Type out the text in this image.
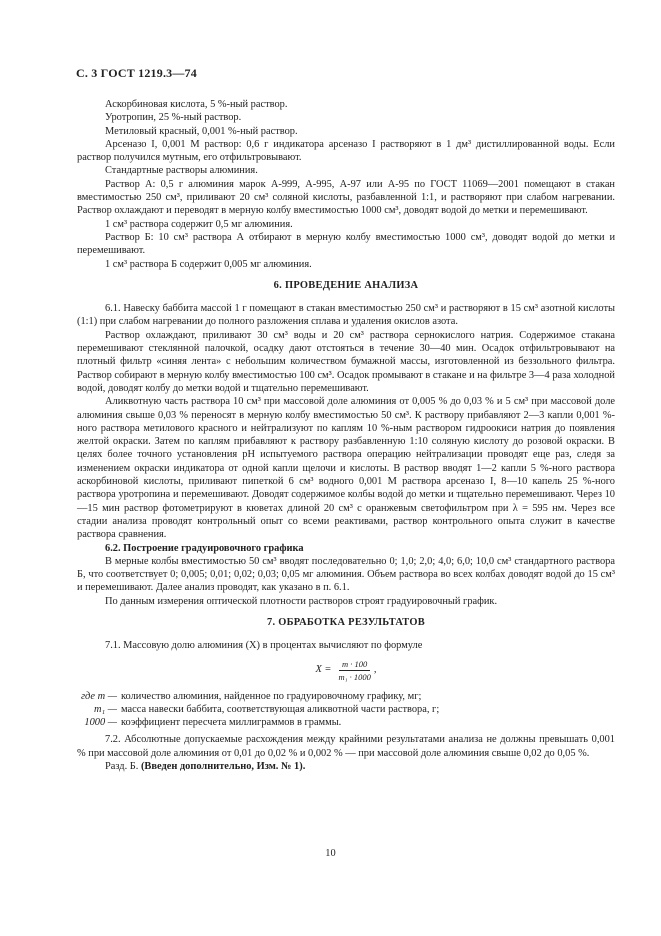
С. 3 ГОСТ 1219.3—74

Аскорбиновая кислота, 5 %-ный раствор.

Уротропин, 25 %-ный раствор.

Метиловый красный, 0,001 %-ный раствор.

Арсеназо I, 0,001 М раствор: 0,6 г индикатора арсеназо I растворяют в 1 дм³ дистиллированной воды. Если раствор получился мутным, его отфильтровывают.

Стандартные растворы алюминия.

Раствор А: 0,5 г алюминия марок А-999, А-995, А-97 или А-95 по ГОСТ 11069—2001 помещают в стакан вместимостью 250 см³, приливают 20 см³ соляной кислоты, разбавленной 1:1, и растворяют при слабом нагревании. Раствор охлаждают и переводят в мерную колбу вместимостью 1000 см³, доводят водой до метки и перемешивают.

1 см³ раствора содержит 0,5 мг алюминия.

Раствор Б: 10 см³ раствора А отбирают в мерную колбу вместимостью 1000 см³, доводят водой до метки и перемешивают.

1 см³ раствора Б содержит 0,005 мг алюминия.

6. ПРОВЕДЕНИЕ АНАЛИЗА

6.1. Навеску баббита массой 1 г помещают в стакан вместимостью 250 см³ и растворяют в 15 см³ азотной кислоты (1:1) при слабом нагревании до полного разложения сплава и удаления окислов азота.

Раствор охлаждают, приливают 30 см³ воды и 20 см³ раствора сернокислого натрия. Содержимое стакана перемешивают стеклянной палочкой, осадку дают отстояться в течение 30—40 мин. Осадок отфильтровывают на плотный фильтр «синяя лента» с небольшим количеством бумажной массы, изготовленной из беззольного фильтра. Раствор собирают в мерную колбу вместимостью 100 см³. Осадок промывают в стакане и на фильтре 3—4 раза холодной водой, доводят колбу до метки водой и тщательно перемешивают.

Аликвотную часть раствора 10 см³ при массовой доле алюминия от 0,005 % до 0,03 % и 5 см³ при массовой доле алюминия свыше 0,03 % переносят в мерную колбу вместимостью 50 см³. К раствору прибавляют 2—3 капли 0,001 %-ного раствора метилового красного и нейтрализуют по каплям 10 %-ным раствором гидроокиси натрия до появления желтой окраски. Затем по каплям прибавляют к раствору разбавленную 1:10 соляную кислоту до розовой окраски. В целях более точного установления pH испытуемого раствора операцию нейтрализации проводят еще раз, следя за изменением окраски индикатора от одной капли щелочи и кислоты. В раствор вводят 1—2 капли 5 %-ного раствора аскорбиновой кислоты, приливают пипеткой 6 см³ водного 0,001 М раствора арсеназо I, 8—10 капель 25 %-ного раствора уротропина и перемешивают. Доводят содержимое колбы водой до метки и тщательно перемешивают. Через 10—15 мин раствор фотометрируют в кюветах длиной 20 см³ с оранжевым светофильтром при λ = 595 нм. Через все стадии анализа проводят контрольный опыт со всеми реактивами, раствор контрольного опыта служит в качестве раствора сравнения.

6.2. Построение градуировочного графика

В мерные колбы вместимостью 50 см³ вводят последовательно 0; 1,0; 2,0; 4,0; 6,0; 10,0 см³ стандартного раствора Б, что соответствует 0; 0,005; 0,01; 0,02; 0,03; 0,05 мг алюминия. Объем раствора во всех колбах доводят водой до 15 см³ и перемешивают. Далее анализ проводят, как указано в п. 6.1.

По данным измерения оптической плотности растворов строят градуировочный график.

7. ОБРАБОТКА РЕЗУЛЬТАТОВ

7.1. Массовую долю алюминия (X) в процентах вычисляют по формуле

$X = \frac{m \cdot 100}{\text{m₁ · 1000}}$ ,
где m — количество алюминия, найденное по градуировочному графику, мг;
m₁ — масса навески баббита, соответствующая аликвотной части раствора, г;
1000 — коэффициент пересчета миллиграммов в граммы.

7.2. Абсолютные допускаемые расхождения между крайними результатами анализа не должны превышать 0,001 % при массовой доле алюминия от 0,01 до 0,02 % и 0,002 % — при массовой доле алюминия свыше 0,02 до 0,05 %.

Разд. Б. (Введен дополнительно, Изм. № 1).

10
